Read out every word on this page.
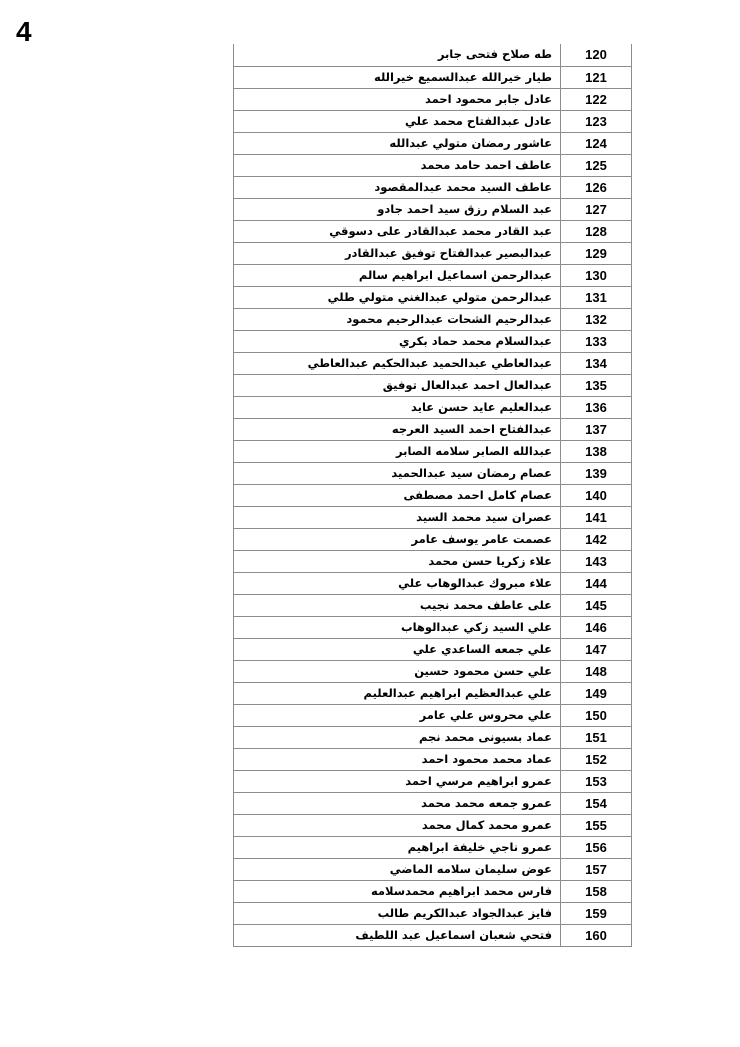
4
طه صلاح فتحى جابر	120
طيار خيرالله عبدالسميع خيرالله	121
عادل جابر محمود احمد	122
عادل عبدالفتاح محمد علي	123
عاشور رمضان متولي عبدالله	124
عاطف احمد حامد محمد	125
عاطف السيد محمد عبدالمقصود	126
عبد السلام رزق سيد احمد جادو	127
عبد القادر محمد عبدالقادر على دسوقي	128
عبدالبصير عبدالفتاح توفيق عبدالقادر	129
عبدالرحمن اسماعيل ابراهيم سالم	130
عبدالرحمن متولي عبدالغني متولي طلي	131
عبدالرحيم الشحات عبدالرحيم محمود	132
عبدالسلام محمد حماد بكري	133
عبدالعاطي عبدالحميد عبدالحكيم عبدالعاطي	134
عبدالعال احمد عبدالعال توفيق	135
عبدالعليم عايد حسن عايد	136
عبدالفتاح احمد السيد العرجه	137
عبدالله الصابر سلامه الصابر	138
عصام رمضان سيد عبدالحميد	139
عصام كامل احمد مصطفى	140
عصران سيد محمد السيد	141
عصمت عامر يوسف عامر	142
علاء زكريا حسن محمد	143
علاء مبروك عبدالوهاب علي	144
على عاطف محمد نجيب	145
علي السيد زكي عبدالوهاب	146
علي جمعه الساعدي علي	147
علي حسن محمود حسين	148
علي عبدالعظيم ابراهيم عبدالعليم	149
علي محروس علي عامر	150
عماد بسيونى محمد نجم	151
عماد محمد محمود احمد	152
عمرو ابراهيم مرسي احمد	153
عمرو جمعه محمد محمد	154
عمرو محمد كمال محمد	155
عمرو ناجي خليفة ابراهيم	156
عوض سليمان سلامه الماضي	157
فارس محمد ابراهيم محمدسلامه	158
فايز عبدالجواد عبدالكريم طالب	159
فتحي شعبان اسماعيل عبد اللطيف	160
